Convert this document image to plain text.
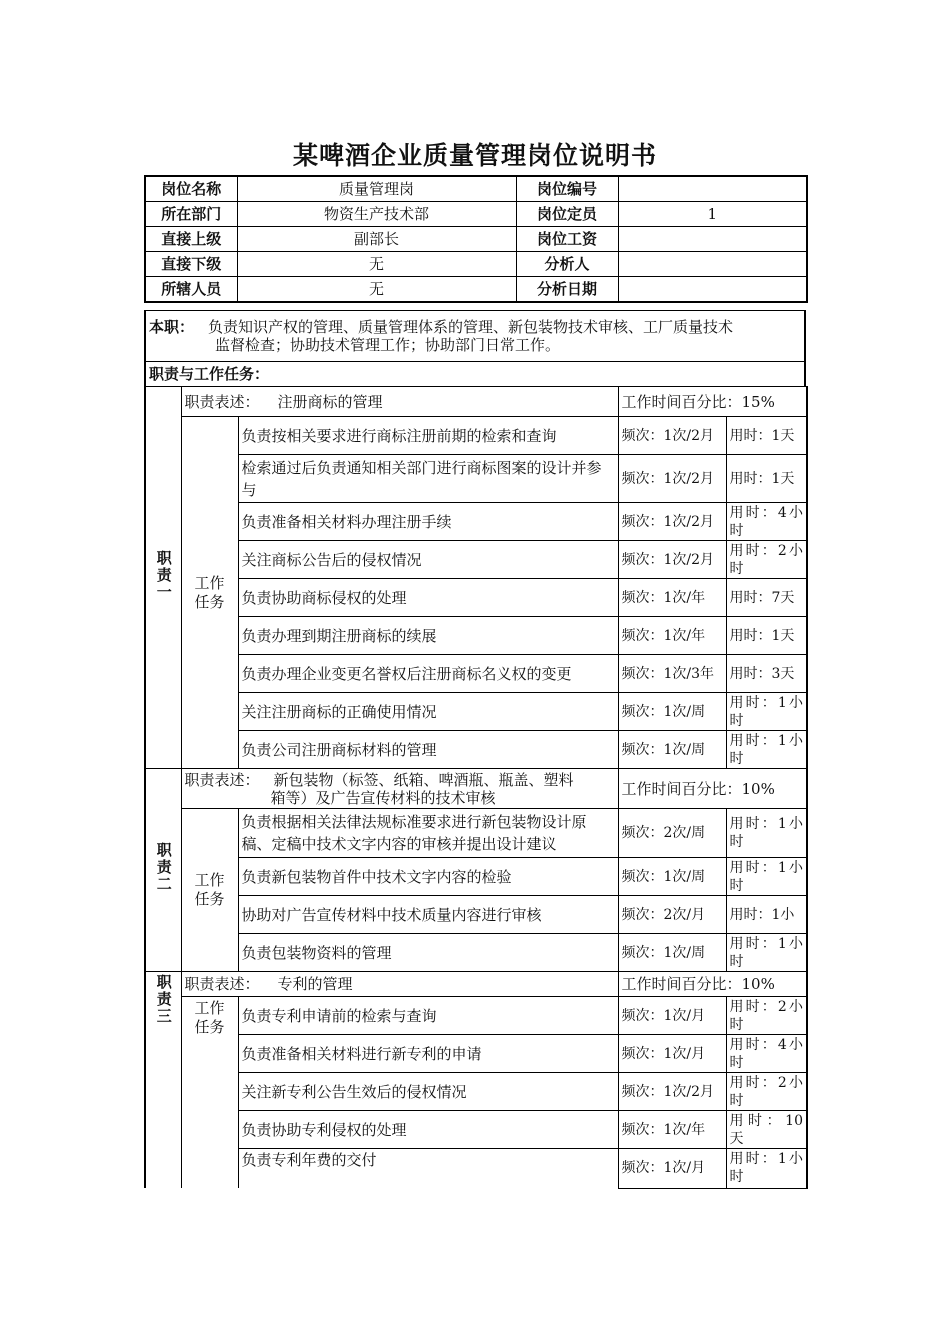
某啤酒企业质量管理岗位说明书
岗位名称	质量管理岗	岗位编号	
所在部门	物资生产技术部	岗位定员	1
直接上级	副部长	岗位工资	
直接下级	无	分析人	
所辖人员	无	分析日期	
本职： 负责知识产权的管理、质量管理体系的管理、新包装物技术审核、工厂质量技术
监督检查；协助技术管理工作；协助部门日常工作。
职责与工作任务：
职责一	职责表述： 注册商标的管理		工作时间百分比：15%	

	工作任务	负责按相关要求进行商标注册前期的检索和查询	频次：1次/2月	用时：1天
		检索通过后负责通知相关部门进行商标图案的设计并参与	频次：1次/2月	用时：1天
		负责准备相关材料办理注册手续	频次：1次/2月	用时：4小时
		关注商标公告后的侵权情况	频次：1次/2月	用时：2小时
		负责协助商标侵权的处理	频次：1次/年	用时：7天
		负责办理到期注册商标的续展	频次：1次/年	用时：1天
		负责办理企业变更名誉权后注册商标名义权的变更	频次：1次/3年	用时：3天
		关注注册商标的正确使用情况	频次：1次/周	用时：1小时
		负责公司注册商标材料的管理	频次：1次/周	用时：1小时
职责二	职责表述： 新包装物（标签、纸箱、啤酒瓶、瓶盖、塑料
箱等）及广告宣传材料的技术审核		工作时间百分比：10%	

	工作任务	负责根据相关法律法规标准要求进行新包装物设计原稿、定稿中技术文字内容的审核并提出设计建议	频次：2次/周	用时：1小时
		负责新包装物首件中技术文字内容的检验	频次：1次/周	用时：1小时
		协助对广告宣传材料中技术质量内容进行审核	频次：2次/月	用时：1小
		负责包装物资料的管理	频次：1次/周	用时：1小时
职责三	职责表述： 专利的管理		工作时间百分比：10%	

	工作任务	负责专利申请前的检索与查询	频次：1次/月	用时：2小时
		负责准备相关材料进行新专利的申请	频次：1次/月	用时：4小时
		关注新专利公告生效后的侵权情况	频次：1次/2月	用时：2小时
		负责协助专利侵权的处理	频次：1次/年	用时：10天
		负责专利年费的交付	频次：1次/月	用时：1小时
